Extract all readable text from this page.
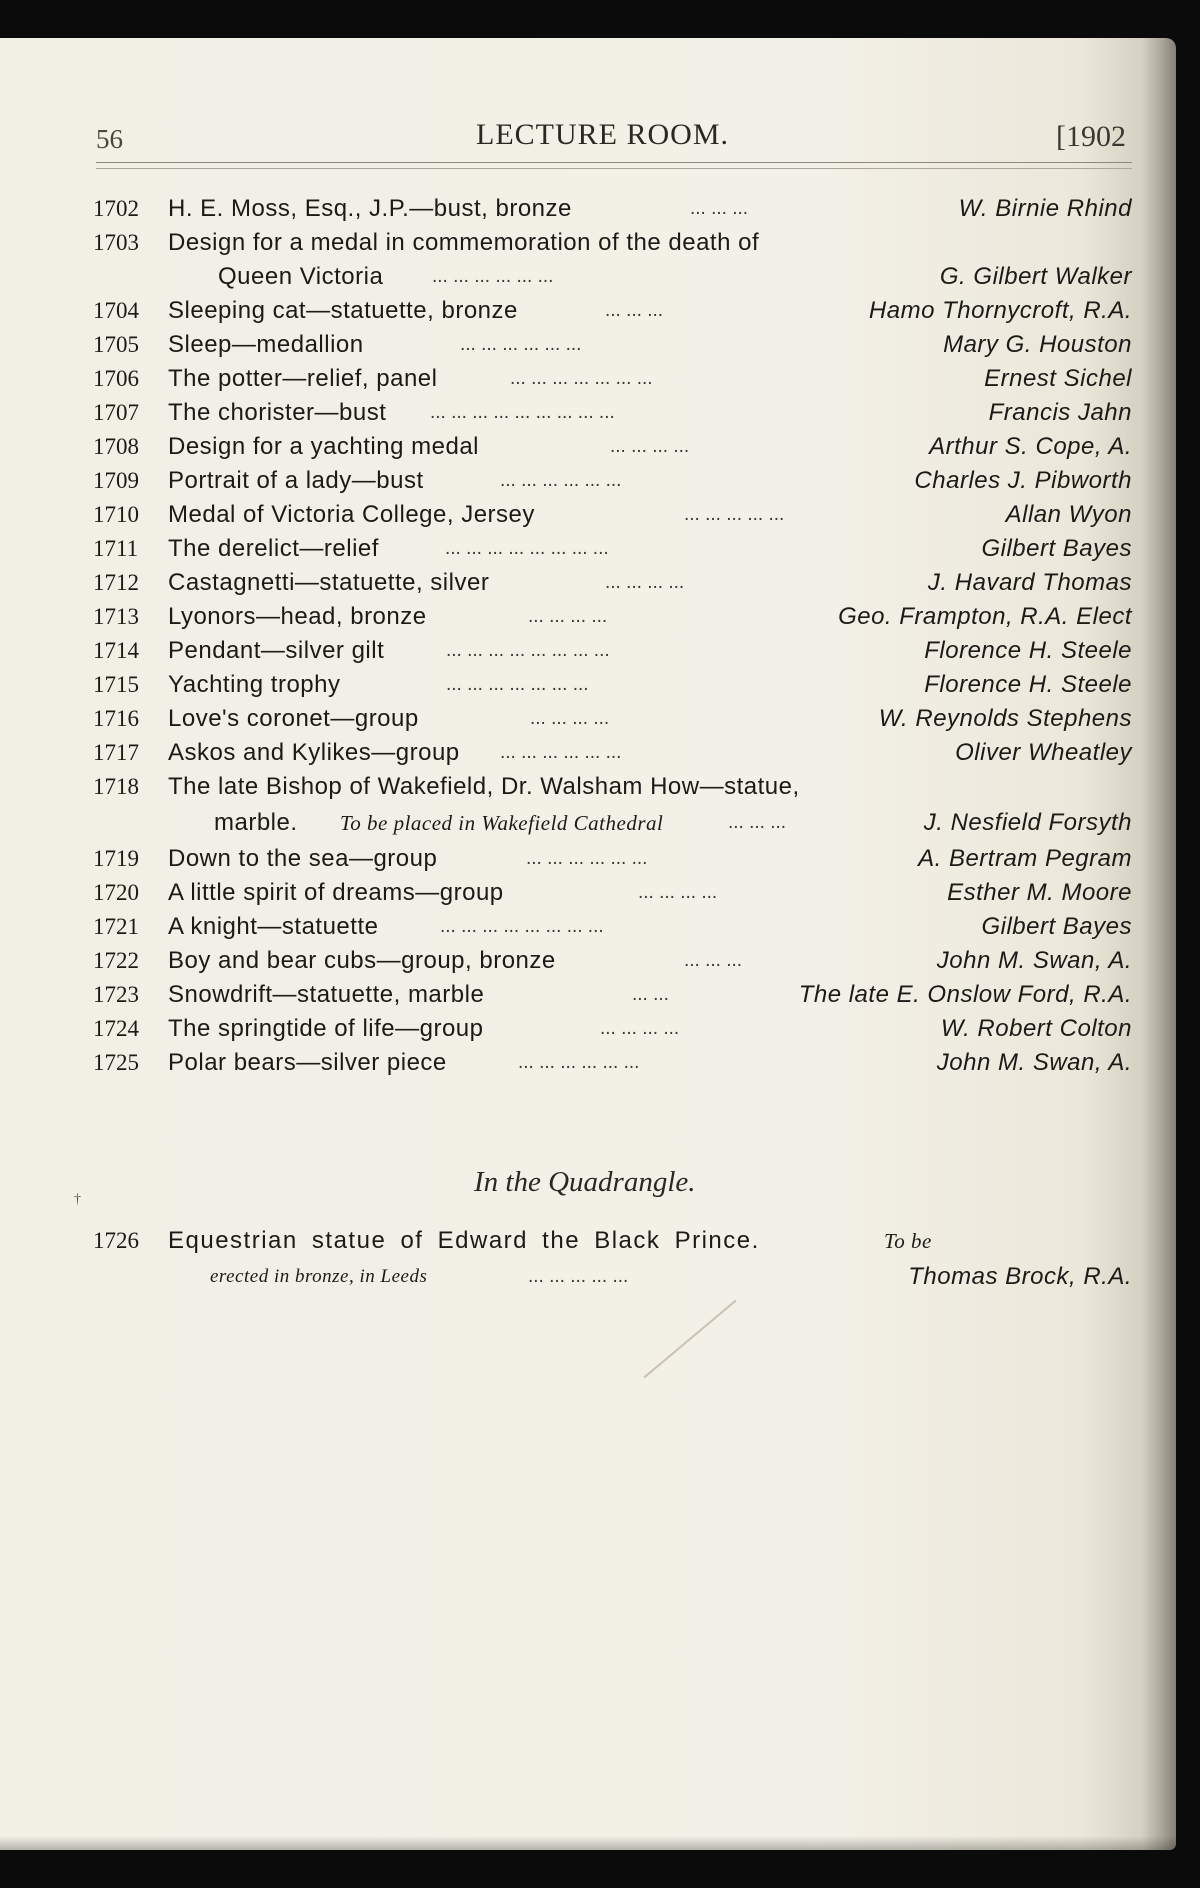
56	LECTURE ROOM.	[1902
1702 H. E. Moss, Esq., J.P.—bust, bronze	... ... ...	W. Birnie Rhind
1703 Design for a medal in commemoration of the death of
Queen Victoria	... ... ... ... ... ...	G. Gilbert Walker
1704 Sleeping cat—statuette, bronze	... ... ...	Hamo Thornycroft, R.A.
1705 Sleep—medallion	... ... ... ... ... ...	Mary G. Houston
1706 The potter—relief, panel	... ... ... ... ... ... ...	Ernest Sichel
1707 The chorister—bust ... ... ... ... ... ... ... ... ...	Francis Jahn
1708 Design for a yachting medal	... ... ... ...	Arthur S. Cope, A.
1709 Portrait of a lady—bust	... ... ... ... ... ...	Charles J. Pibworth
1710 Medal of Victoria College, Jersey	... ... ... ... ...	Allan Wyon
1711 The derelict—relief	... ... ... ... ... ... ... ...	Gilbert Bayes
1712 Castagnetti—statuette, silver	... ... ... ...	J. Havard Thomas
1713 Lyonors—head, bronze	... ... ... ...	Geo. Frampton, R.A. Elect
1714 Pendant—silver gilt	... ... ... ... ... ... ... ...	Florence H. Steele
1715 Yachting trophy	... ... ... ... ... ... ...	Florence H. Steele
1716 Love's coronet—group	... ... ... ...	W. Reynolds Stephens
1717 Askos and Kylikes—group ... ... ... ... ... ...	Oliver Wheatley
1718 The late Bishop of Wakefield, Dr. Walsham How—statue,
marble. To be placed in Wakefield Cathedral	... ... ...	J. Nesfield Forsyth
1719 Down to the sea—group	... ... ... ... ... ...	A. Bertram Pegram
1720 A little spirit of dreams—group	... ... ... ...	Esther M. Moore
1721 A knight—statuette	... ... ... ... ... ... ... ...	Gilbert Bayes
1722 Boy and bear cubs—group, bronze	... ... ...	John M. Swan, A.
1723 Snowdrift—statuette, marble	... ...	The late E. Onslow Ford, R.A.
1724 The springtide of life—group	... ... ... ...	W. Robert Colton
1725 Polar bears—silver piece	... ... ... ... ... ...	John M. Swan, A.
†
In the Quadrangle.
1726 Equestrian statue of Edward the Black Prince.	To be
erected in bronze, in Leeds	... ... ... ... ...	Thomas Brock, R.A.
